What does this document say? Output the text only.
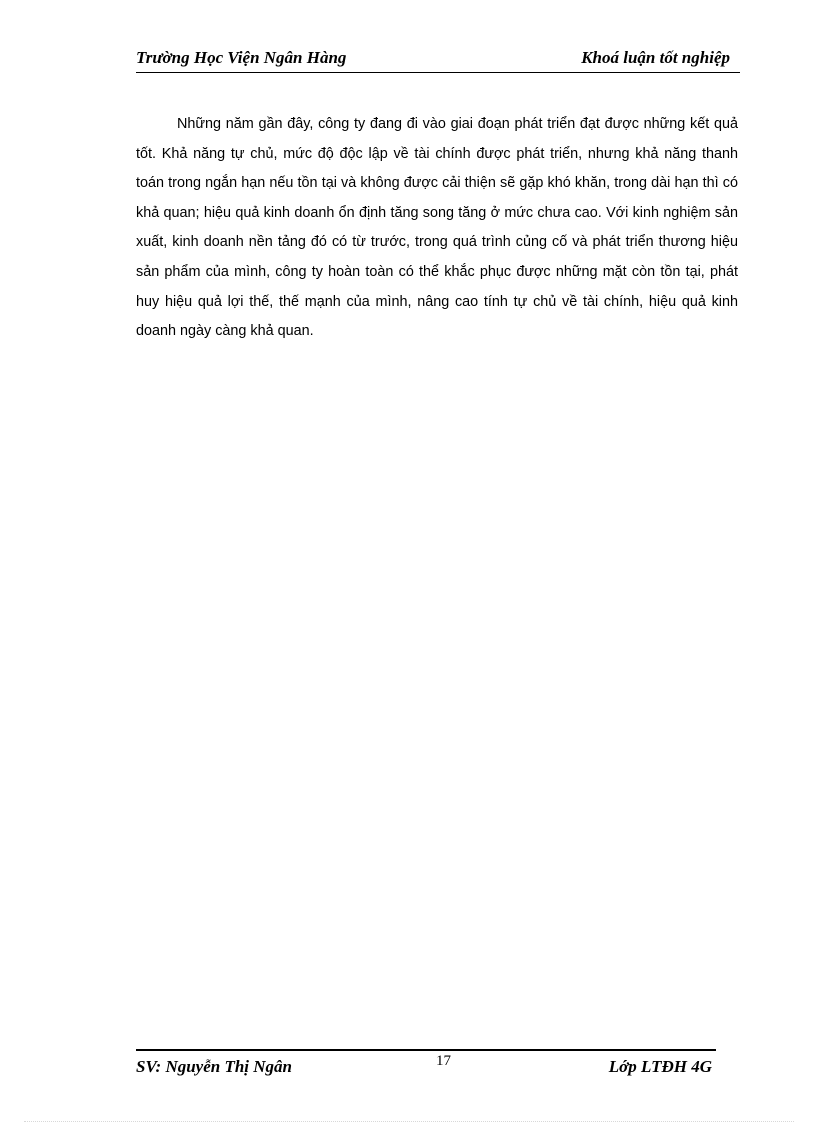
Trường Học Viện Ngân Hàng	Khoá luận tốt nghiệp

Những năm gần đây, công ty đang đi vào giai đoạn phát triển đạt được những kết quả tốt. Khả năng tự chủ, mức độ độc lập về tài chính được phát triển, nhưng khả năng thanh toán trong ngắn hạn nếu tồn tại và không được cải thiện sẽ gặp khó khăn, trong dài hạn thì có khả quan; hiệu quả kinh doanh ổn định tăng song tăng ở mức chưa cao. Với kinh nghiệm sản xuất, kinh doanh nền tảng đó có từ trước, trong quá trình củng cố và phát triển thương hiệu sản phẩm của mình, công ty hoàn toàn có thể khắc phục được những mặt còn tồn tại, phát huy hiệu quả lợi thế, thế mạnh của mình, nâng cao tính tự chủ về tài chính, hiệu quả kinh doanh ngày càng khả quan.

SV: Nguyễn Thị Ngân	17	Lớp LTĐH 4G
